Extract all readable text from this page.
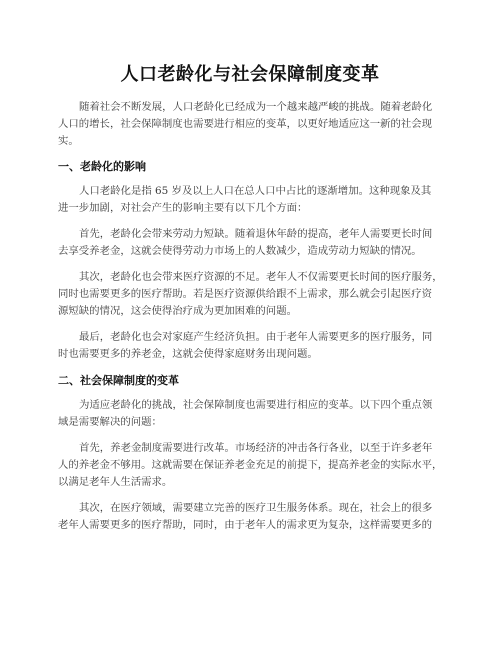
人口老龄化与社会保障制度变革

随着社会不断发展，人口老龄化已经成为一个越来越严峻的挑战。随着老龄化
人口的增长，社会保障制度也需要进行相应的变革，以更好地适应这一新的社会现
实。

一、老龄化的影响

人口老龄化是指 65 岁及以上人口在总人口中占比的逐渐增加。这种现象及其
进一步加剧，对社会产生的影响主要有以下几个方面：

首先，老龄化会带来劳动力短缺。随着退休年龄的提高，老年人需要更长时间
去享受养老金，这就会使得劳动力市场上的人数减少，造成劳动力短缺的情况。

其次，老龄化也会带来医疗资源的不足。老年人不仅需要更长时间的医疗服务，
同时也需要更多的医疗帮助。若是医疗资源供给跟不上需求，那么就会引起医疗资
源短缺的情况，这会使得治疗成为更加困难的问题。

最后，老龄化也会对家庭产生经济负担。由于老年人需要更多的医疗服务，同
时也需要更多的养老金，这就会使得家庭财务出现问题。

二、社会保障制度的变革

为适应老龄化的挑战，社会保障制度也需要进行相应的变革。以下四个重点领
域是需要解决的问题：

首先，养老金制度需要进行改革。市场经济的冲击各行各业，以至于许多老年
人的养老金不够用。这就需要在保证养老金充足的前提下，提高养老金的实际水平，
以满足老年人生活需求。

其次，在医疗领域，需要建立完善的医疗卫生服务体系。现在，社会上的很多
老年人需要更多的医疗帮助，同时，由于老年人的需求更为复杂，这样需要更多的
